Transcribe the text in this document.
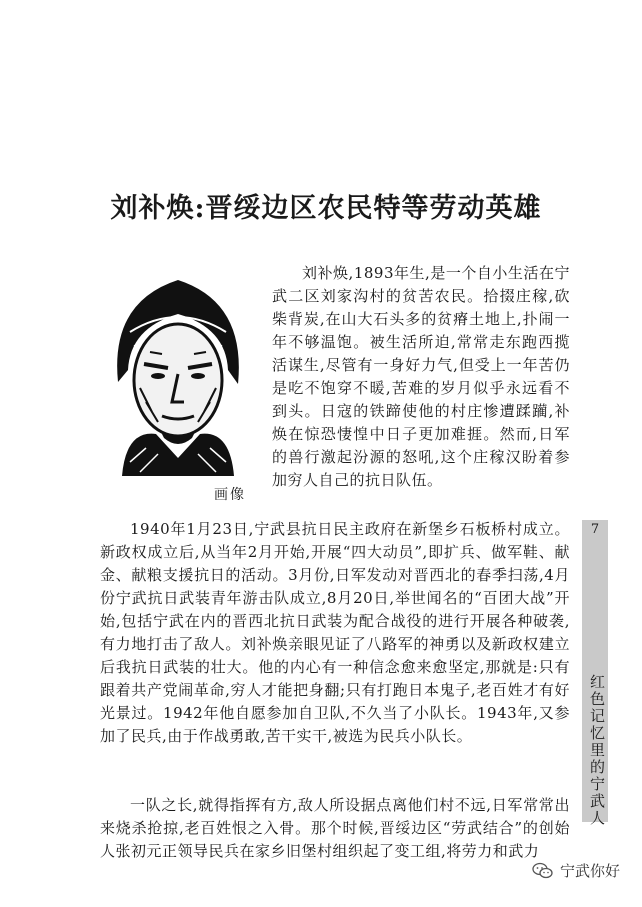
刘补焕:晋绥边区农民特等劳动英雄
画像

刘补焕,1893年生,是一个自小生活在宁武二区刘家沟村的贫苦农民。拾掇庄稼,砍柴背炭,在山大石头多的贫瘠土地上,扑闹一年不够温饱。被生活所迫,常常走东跑西揽活谋生,尽管有一身好力气,但受上一年苦仍是吃不饱穿不暖,苦难的岁月似乎永远看不到头。日寇的铁蹄使他的村庄惨遭蹂躏,补焕在惊恐悽惶中日子更加难捱。然而,日军的兽行激起汾源的怒吼,这个庄稼汉盼着参加穷人自己的抗日队伍。

1940年1月23日,宁武县抗日民主政府在新堡乡石板桥村成立。新政权成立后,从当年2月开始,开展“四大动员”,即扩兵、做军鞋、献金、献粮支援抗日的活动。3月份,日军发动对晋西北的春季扫荡,4月份宁武抗日武装青年游击队成立,8月20日,举世闻名的“百团大战”开始,包括宁武在内的晋西北抗日武装为配合战役的进行开展各种破袭,有力地打击了敌人。刘补焕亲眼见证了八路军的神勇以及新政权建立后我抗日武装的壮大。他的内心有一种信念愈来愈坚定,那就是:只有跟着共产党闹革命,穷人才能把身翻;只有打跑日本鬼子,老百姓才有好光景过。1942年他自愿参加自卫队,不久当了小队长。1943年,又参加了民兵,由于作战勇敢,苦干实干,被选为民兵小队长。

一队之长,就得指挥有方,敌人所设据点离他们村不远,日军常常出来烧杀抢掠,老百姓恨之入骨。那个时候,晋绥边区“劳武结合”的创始人张初元正领导民兵在家乡旧堡村组织起了变工组,将劳力和武力

7
红色记忆里的宁武人
宁武你好
